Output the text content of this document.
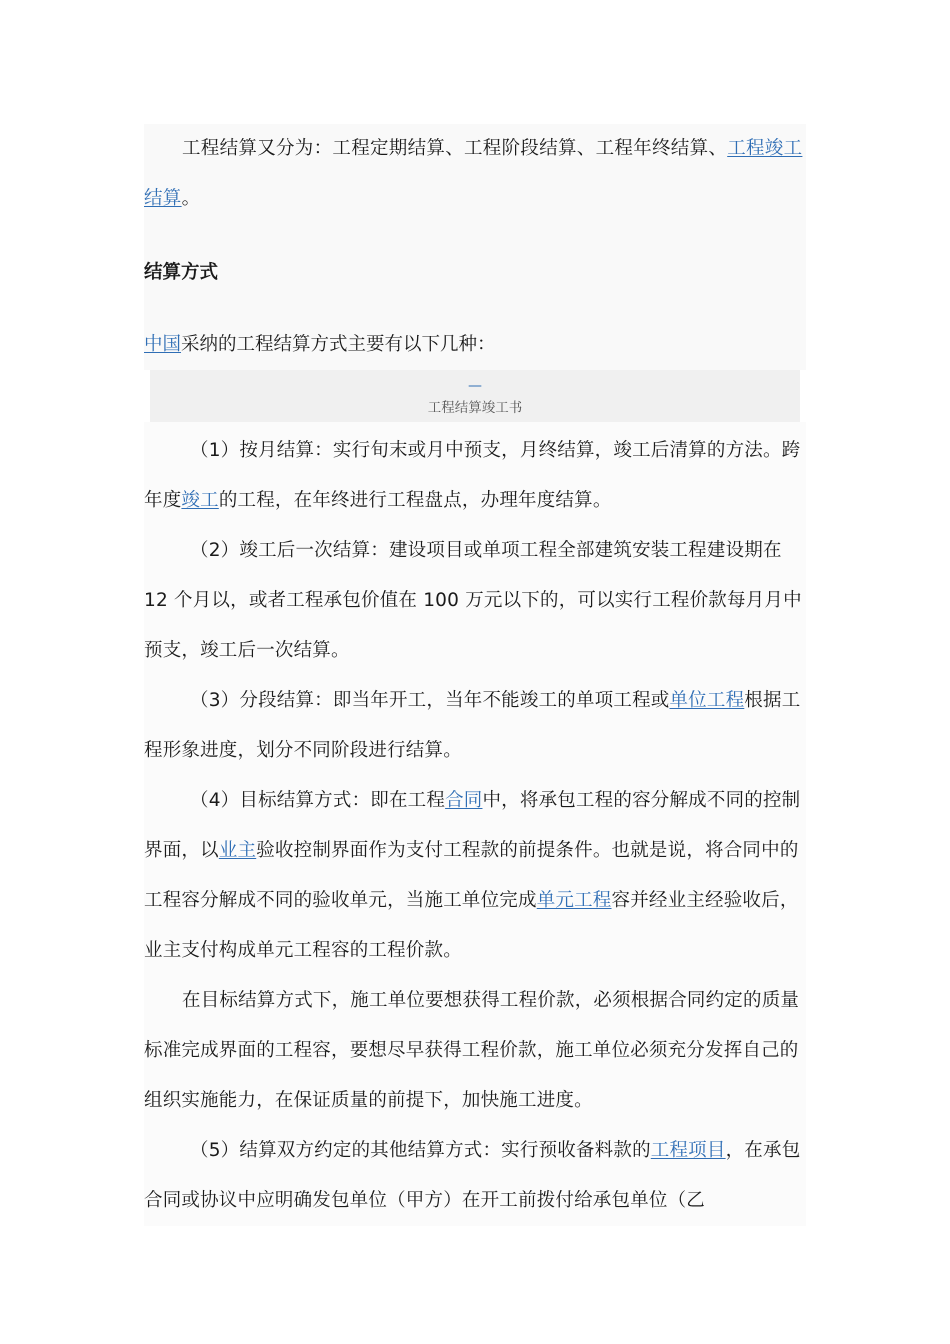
工程结算又分为：工程定期结算、工程阶段结算、工程年终结算、工程竣工结算。

结算方式

中国采纳的工程结算方式主要有以下几种：

—
工程结算竣工书

（1）按月结算：实行旬末或月中预支，月终结算，竣工后清算的方法。跨年度竣工的工程，在年终进行工程盘点，办理年度结算。

（2）竣工后一次结算：建设项目或单项工程全部建筑安装工程建设期在 12 个月以，或者工程承包价值在 100 万元以下的，可以实行工程价款每月月中预支，竣工后一次结算。

（3）分段结算：即当年开工，当年不能竣工的单项工程或单位工程根据工程形象进度，划分不同阶段进行结算。

（4）目标结算方式：即在工程合同中，将承包工程的容分解成不同的控制界面，以业主验收控制界面作为支付工程款的前提条件。也就是说，将合同中的工程容分解成不同的验收单元，当施工单位完成单元工程容并经业主经验收后，业主支付构成单元工程容的工程价款。

在目标结算方式下，施工单位要想获得工程价款，必须根据合同约定的质量标准完成界面的工程容，要想尽早获得工程价款，施工单位必须充分发挥自己的组织实施能力，在保证质量的前提下，加快施工进度。

（5）结算双方约定的其他结算方式：实行预收备料款的工程项目，在承包合同或协议中应明确发包单位（甲方）在开工前拨付给承包单位（乙
